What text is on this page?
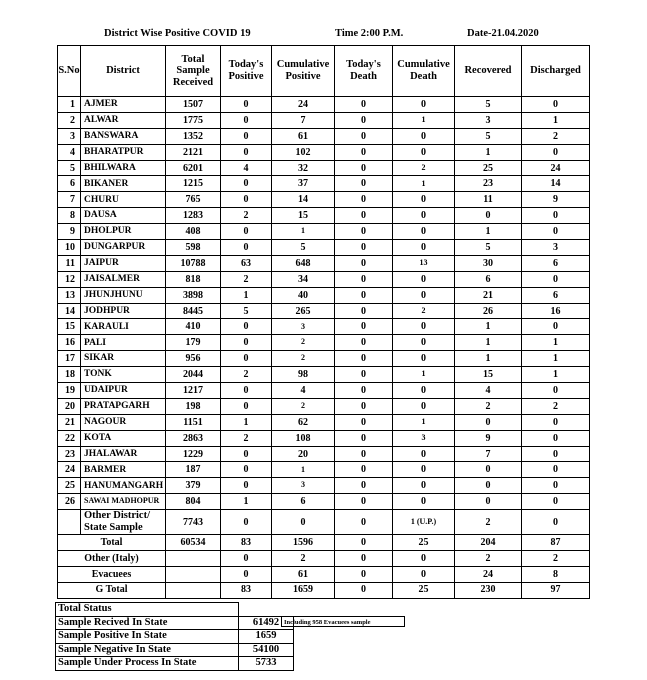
District Wise Positive COVID 19	Time 2:00 P.M.	Date-21.04.2020
S.No	District	Total Sample Received	Today's Positive	Cumulative Positive	Today's Death	Cumulative Death	Recovered	Discharged
1	AJMER	1507	0	24	0	0	5	0
2	ALWAR	1775	0	7	0	1	3	1
3	BANSWARA	1352	0	61	0	0	5	2
4	BHARATPUR	2121	0	102	0	0	1	0
5	BHILWARA	6201	4	32	0	2	25	24
6	BIKANER	1215	0	37	0	1	23	14
7	CHURU	765	0	14	0	0	11	9
8	DAUSA	1283	2	15	0	0	0	0
9	DHOLPUR	408	0	1	0	0	1	0
10	DUNGARPUR	598	0	5	0	0	5	3
11	JAIPUR	10788	63	648	0	13	30	6
12	JAISALMER	818	2	34	0	0	6	0
13	JHUNJHUNU	3898	1	40	0	0	21	6
14	JODHPUR	8445	5	265	0	2	26	16
15	KARAULI	410	0	3	0	0	1	0
16	PALI	179	0	2	0	0	1	1
17	SIKAR	956	0	2	0	0	1	1
18	TONK	2044	2	98	0	1	15	1
19	UDAIPUR	1217	0	4	0	0	4	0
20	PRATAPGARH	198	0	2	0	0	2	2
21	NAGOUR	1151	1	62	0	1	0	0
22	KOTA	2863	2	108	0	3	9	0
23	JHALAWAR	1229	0	20	0	0	7	0
24	BARMER	187	0	1	0	0	0	0
25	HANUMANGARH	379	0	3	0	0	0	0
26	SAWAI MADHOPUR	804	1	6	0	0	0	0
	Other District/ State Sample	7743	0	0	0	1 (U.P.)	2	0
Total		60534	83	1596	0	25	204	87
Other (Italy)			0	2	0	0	2	2
Evacuees			0	61	0	0	24	8
G Total			83	1659	0	25	230	97
Total Status	
Sample Recived In State	61492
Sample Positive In State	1659
Sample Negative In State	54100
Sample Under Process In State	5733
Including 958 Evacuees sample
